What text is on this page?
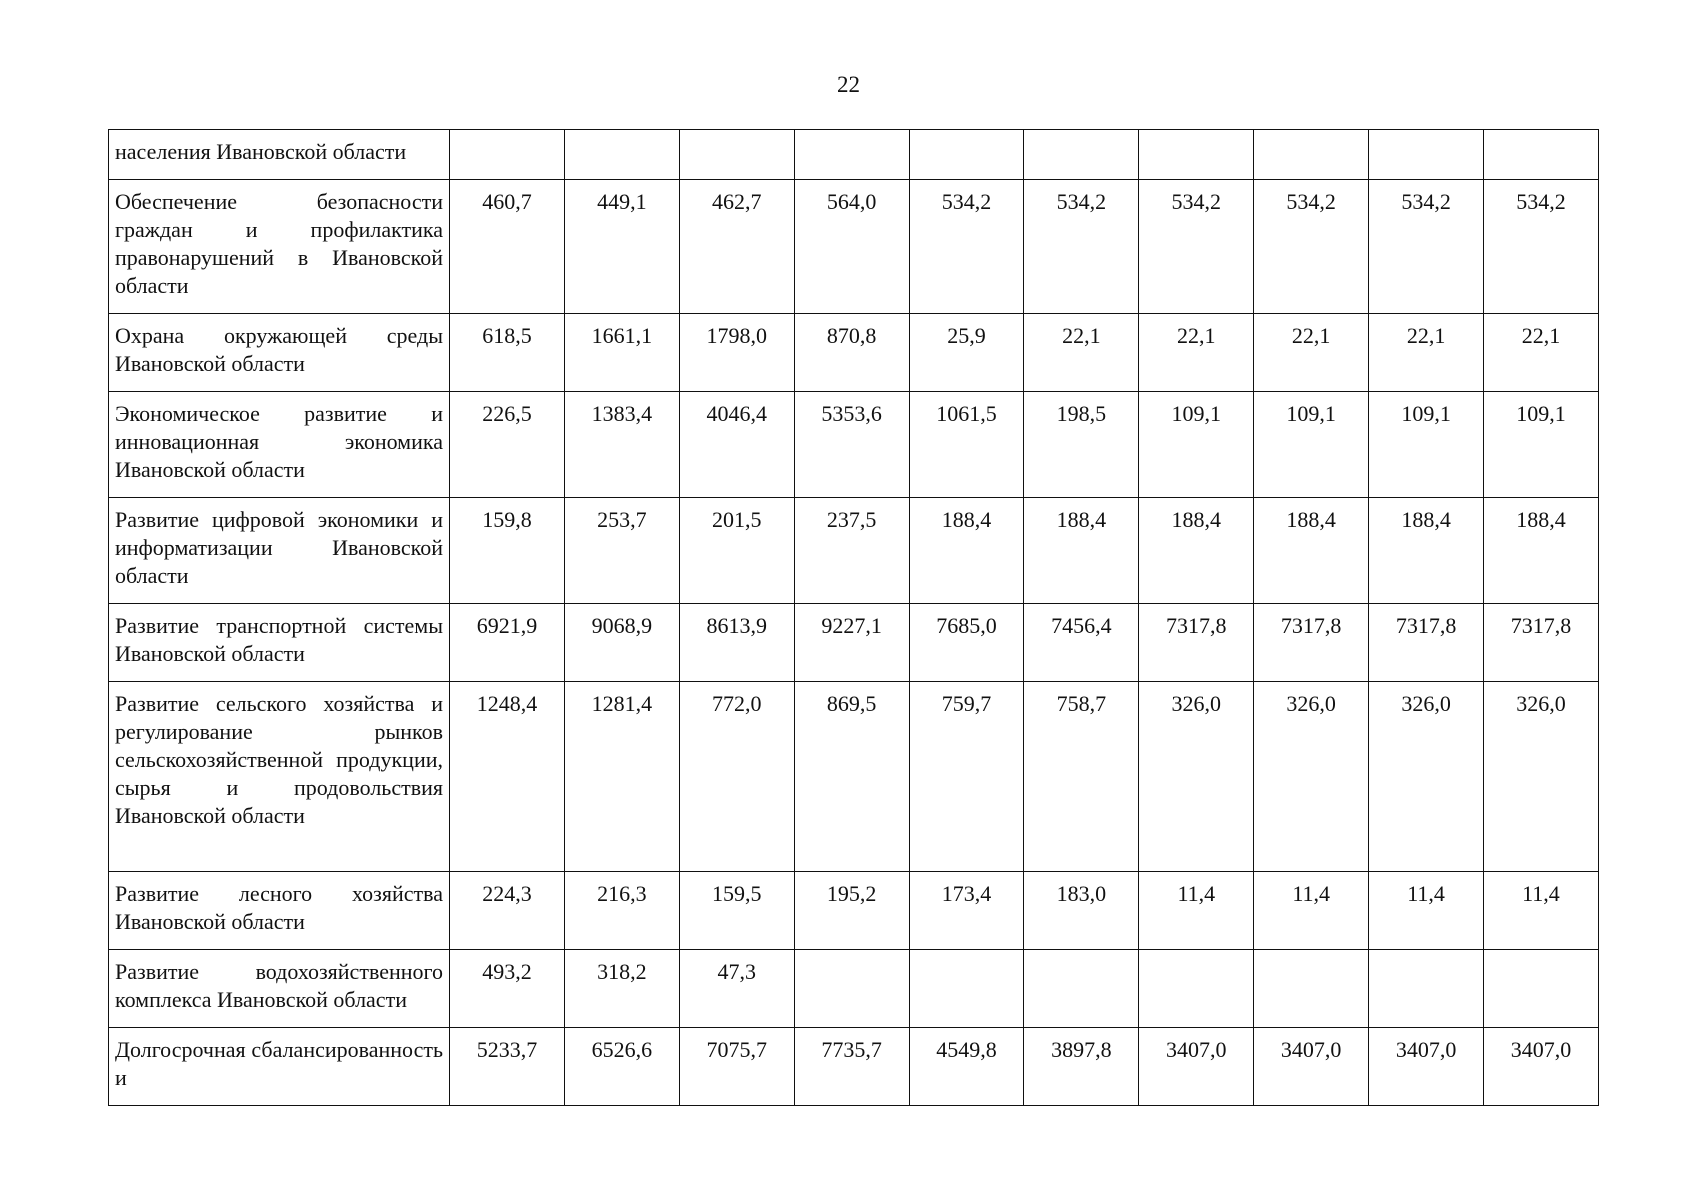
22
населения Ивановской области										
Обеспечение безопасности граждан и профилактика правонарушений в Ивановской области	460,7	449,1	462,7	564,0	534,2	534,2	534,2	534,2	534,2	534,2
Охрана окружающей среды Ивановской области	618,5	1661,1	1798,0	870,8	25,9	22,1	22,1	22,1	22,1	22,1
Экономическое развитие и инновационная экономика Ивановской области	226,5	1383,4	4046,4	5353,6	1061,5	198,5	109,1	109,1	109,1	109,1
Развитие цифровой экономики и информатизации Ивановской области	159,8	253,7	201,5	237,5	188,4	188,4	188,4	188,4	188,4	188,4
Развитие транспортной системы Ивановской области	6921,9	9068,9	8613,9	9227,1	7685,0	7456,4	7317,8	7317,8	7317,8	7317,8
Развитие сельского хозяйства и регулирование рынков сельскохозяйственной продукции, сырья и продовольствия Ивановской области	1248,4	1281,4	772,0	869,5	759,7	758,7	326,0	326,0	326,0	326,0
Развитие лесного хозяйства Ивановской области	224,3	216,3	159,5	195,2	173,4	183,0	11,4	11,4	11,4	11,4
Развитие водохозяйственного комплекса Ивановской области	493,2	318,2	47,3							
Долгосрочная сбалансированность и	5233,7	6526,6	7075,7	7735,7	4549,8	3897,8	3407,0	3407,0	3407,0	3407,0
